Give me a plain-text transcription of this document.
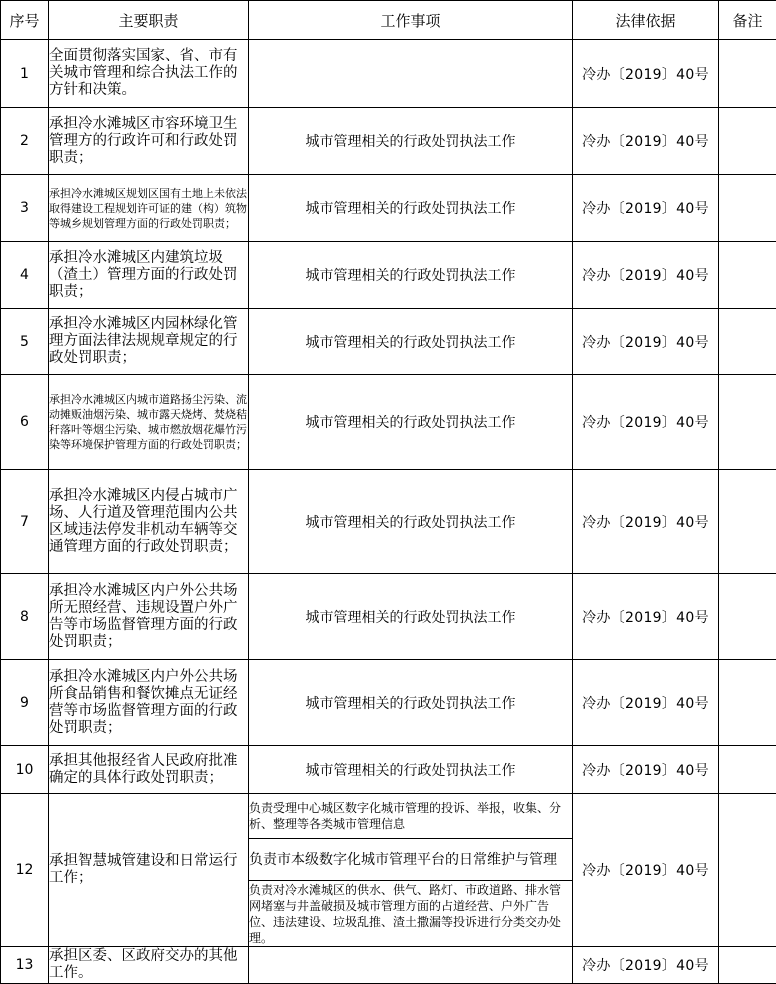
序号	主要职责	工作事项	法律依据	备注
1	全面贯彻落实国家、省、市有关城市管理和综合执法工作的方针和决策。		冷办〔2019〕40号	
2	承担冷水滩城区市容环境卫生管理方的行政许可和行政处罚职责；	城市管理相关的行政处罚执法工作	冷办〔2019〕40号	
3	承担冷水滩城区规划区国有土地上未依法取得建设工程规划许可证的建（构）筑物等城乡规划管理方面的行政处罚职责；	城市管理相关的行政处罚执法工作	冷办〔2019〕40号	
4	承担冷水滩城区内建筑垃圾（渣土）管理方面的行政处罚职责；	城市管理相关的行政处罚执法工作	冷办〔2019〕40号	
5	承担冷水滩城区内园林绿化管理方面法律法规规章规定的行政处罚职责；	城市管理相关的行政处罚执法工作	冷办〔2019〕40号	
6	承担冷水滩城区内城市道路扬尘污染、流动摊贩油烟污染、城市露天烧烤、焚烧秸秆落叶等烟尘污染、城市燃放烟花爆竹污染等环境保护管理方面的行政处罚职责；	城市管理相关的行政处罚执法工作	冷办〔2019〕40号	
7	承担冷水滩城区内侵占城市广场、人行道及管理范围内公共区域违法停发非机动车辆等交通管理方面的行政处罚职责；	城市管理相关的行政处罚执法工作	冷办〔2019〕40号	
8	承担冷水滩城区内户外公共场所无照经营、违规设置户外广告等市场监督管理方面的行政处罚职责；	城市管理相关的行政处罚执法工作	冷办〔2019〕40号	
9	承担冷水滩城区内户外公共场所食品销售和餐饮摊点无证经营等市场监督管理方面的行政处罚职责；	城市管理相关的行政处罚执法工作	冷办〔2019〕40号	
10	承担其他报经省人民政府批准确定的具体行政处罚职责；	城市管理相关的行政处罚执法工作	冷办〔2019〕40号	
12	承担智慧城管建设和日常运行工作；	负责受理中心城区数字化城市管理的投诉、举报，收集、分析、整理等各类城市管理信息	冷办〔2019〕40号	
		负责市本级数字化城市管理平台的日常维护与管理		
		负责对冷水滩城区的供水、供气、路灯、市政道路、排水管网堵塞与井盖破损及城市管理方面的占道经营、户外广告位、违法建设、垃圾乱推、渣土撒漏等投诉进行分类交办处理。		
13	承担区委、区政府交办的其他工作。		冷办〔2019〕40号	
